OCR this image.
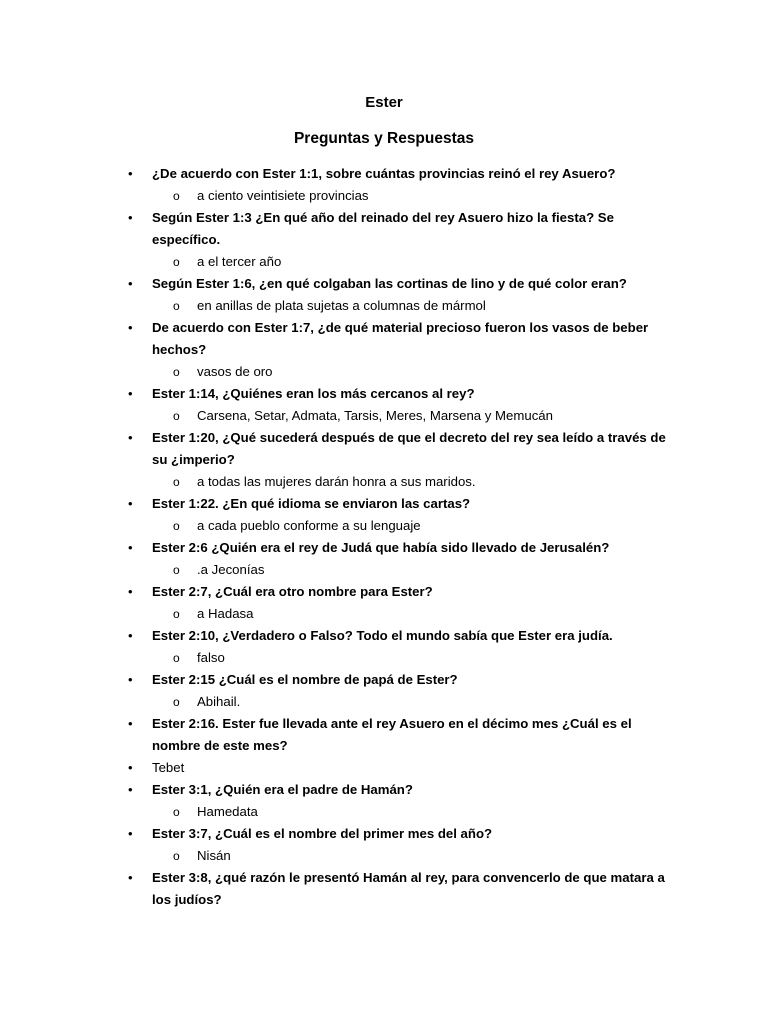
Ester
Preguntas y Respuestas
• ¿De acuerdo con Ester 1:1, sobre cuántas provincias reinó el rey Asuero?
o a ciento veintisiete provincias
• Según Ester 1:3 ¿En qué año del reinado del rey Asuero hizo la fiesta? Se específico.
o a el tercer año
• Según Ester 1:6, ¿en qué colgaban las cortinas de lino y de qué color eran?
o en anillas de plata sujetas a columnas de mármol
• De acuerdo con Ester 1:7, ¿de qué material precioso fueron los vasos de beber hechos?
o vasos de oro
• Ester 1:14, ¿Quiénes eran los más cercanos al rey?
o Carsena, Setar, Admata, Tarsis, Meres, Marsena y Memucán
• Ester 1:20, ¿Qué sucederá después de que el decreto del rey sea leído a través de su ¿imperio?
o a todas las mujeres darán honra a sus maridos.
• Ester 1:22. ¿En qué idioma se enviaron las cartas?
o a cada pueblo conforme a su lenguaje
• Ester 2:6 ¿Quién era el rey de Judá que había sido llevado de Jerusalén?
o .a Jeconías
• Ester 2:7, ¿Cuál era otro nombre para Ester?
o a Hadasa
• Ester 2:10, ¿Verdadero o Falso? Todo el mundo sabía que Ester era judía.
o falso
• Ester 2:15 ¿Cuál es el nombre de papá de Ester?
o Abihail.
• Ester 2:16. Ester fue llevada ante el rey Asuero en el décimo mes ¿Cuál es el nombre de este mes?
• Tebet
• Ester 3:1, ¿Quién era el padre de Hamán?
o Hamedata
• Ester 3:7, ¿Cuál es el nombre del primer mes del año?
o Nisán
• Ester 3:8, ¿qué razón le presentó Hamán al rey, para convencerlo de que matara a los judíos?
